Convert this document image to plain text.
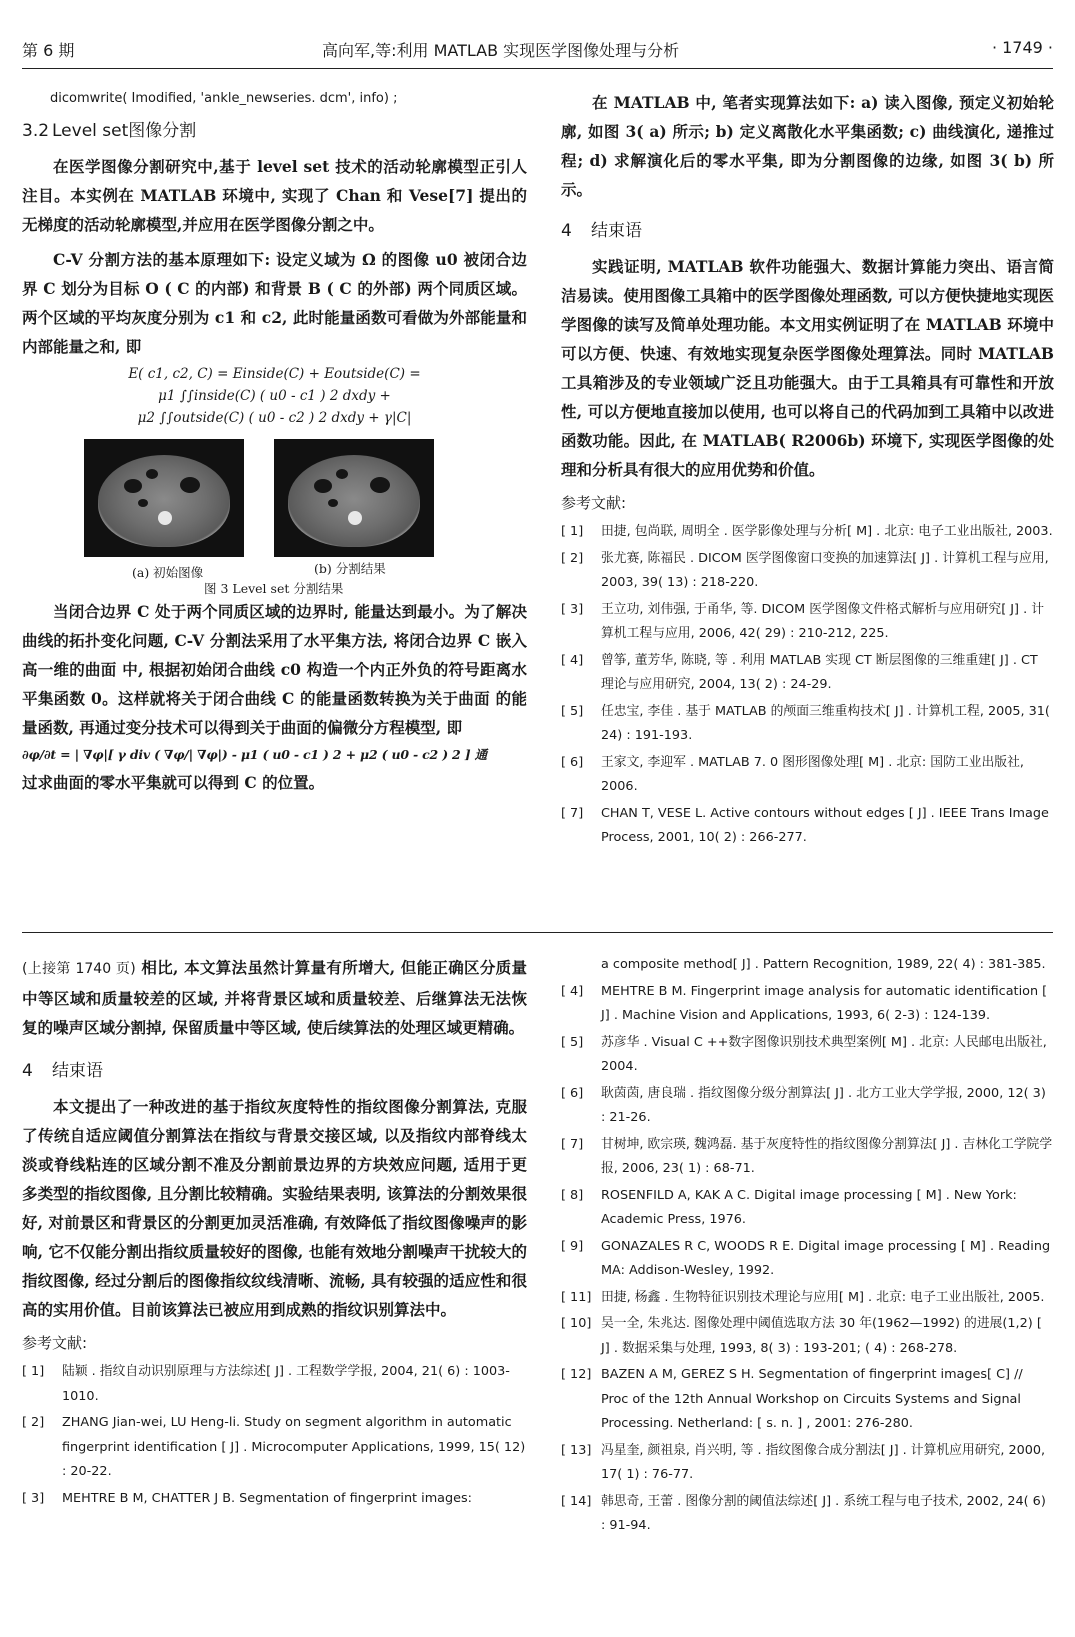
第 6 期	高向军,等:利用 MATLAB 实现医学图像处理与分析	· 1749 ·

dicomwrite( Imodified, 'ankle_newseries. dcm', info) ;

3.2 Level set图像分割

在医学图像分割研究中,基于 level set 技术的活动轮廓模型正引人注目。本实例在 MATLAB 环境中, 实现了 Chan 和 Vese[7] 提出的无梯度的活动轮廓模型,并应用在医学图像分割之中。

C-V 分割方法的基本原理如下: 设定义域为 Ω 的图像 u0 被闭合边界 C 划分为目标 O ( C 的内部) 和背景 B ( C 的外部) 两个同质区域。两个区域的平均灰度分别为 c1 和 c2, 此时能量函数可看做为外部能量和内部能量之和, 即

E( c1, c2, C) = Einside(C) + Eoutside(C) =
μ1 ∫∫inside(C) ( u0 - c1 ) 2 dxdy +
μ2 ∫∫outside(C) ( u0 - c2 ) 2 dxdy + γ|C|
(a) 初始图像	(b) 分割结果
图 3 Level set 分割结果

当闭合边界 C 处于两个同质区域的边界时, 能量达到最小。为了解决曲线的拓扑变化问题, C-V 分割法采用了水平集方法, 将闭合边界 C 嵌入高一维的曲面 中, 根据初始闭合曲线 c0 构造一个内正外负的符号距离水平集函数 0。这样就将关于闭合曲线 C 的能量函数转换为关于曲面 的能量函数, 再通过变分技术可以得到关于曲面的偏微分方程模型, 即

∂φ/∂t = | ∇φ|[ γ div ( ∇φ/| ∇φ|) - μ1 ( u0 - c1 ) 2 + μ2 ( u0 - c2 ) 2 ] 通

过求曲面的零水平集就可以得到 C 的位置。

在 MATLAB 中, 笔者实现算法如下: a) 读入图像, 预定义初始轮廓, 如图 3( a) 所示; b) 定义离散化水平集函数; c) 曲线演化, 递推过程; d) 求解演化后的零水平集, 即为分割图像的边缘, 如图 3( b) 所示。

4 结束语

实践证明, MATLAB 软件功能强大、数据计算能力突出、语言简洁易读。使用图像工具箱中的医学图像处理函数, 可以方便快捷地实现医学图像的读写及简单处理功能。本文用实例证明了在 MATLAB 环境中可以方便、快速、有效地实现复杂医学图像处理算法。同时 MATLAB 工具箱涉及的专业领域广泛且功能强大。由于工具箱具有可靠性和开放性, 可以方便地直接加以使用, 也可以将自己的代码加到工具箱中以改进函数功能。因此, 在 MATLAB( R2006b) 环境下, 实现医学图像的处理和分析具有很大的应用优势和价值。

参考文献:
[ 1] 田捷, 包尚联, 周明全 . 医学影像处理与分析[ M] . 北京: 电子工业出版社, 2003.
[ 2] 张尤赛, 陈福民 . DICOM 医学图像窗口变换的加速算法[ J] . 计算机工程与应用, 2003, 39( 13) : 218-220.
[ 3] 王立功, 刘伟强, 于甬华, 等. DICOM 医学图像文件格式解析与应用研究[ J] . 计算机工程与应用, 2006, 42( 29) : 210-212, 225.
[ 4] 曾筝, 董芳华, 陈晓, 等 . 利用 MATLAB 实现 CT 断层图像的三维重建[ J] . CT 理论与应用研究, 2004, 13( 2) : 24-29.
[ 5] 任忠宝, 李佳 . 基于 MATLAB 的颅面三维重构技术[ J] . 计算机工程, 2005, 31( 24) : 191-193.
[ 6] 王家文, 李迎军 . MATLAB 7. 0 图形图像处理[ M] . 北京: 国防工业出版社, 2006.
[ 7] CHAN T, VESE L. Active contours without edges [ J] . IEEE Trans Image Process, 2001, 10( 2) : 266-277.

(上接第 1740 页) 相比, 本文算法虽然计算量有所增大, 但能正确区分质量中等区域和质量较差的区域, 并将背景区域和质量较差、后继算法无法恢复的噪声区域分割掉, 保留质量中等区域, 使后续算法的处理区域更精确。

4 结束语

本文提出了一种改进的基于指纹灰度特性的指纹图像分割算法, 克服了传统自适应阈值分割算法在指纹与背景交接区域, 以及指纹内部脊线太淡或脊线粘连的区域分割不准及分割前景边界的方块效应问题, 适用于更多类型的指纹图像, 且分割比较精确。实验结果表明, 该算法的分割效果很好, 对前景区和背景区的分割更加灵活准确, 有效降低了指纹图像噪声的影响, 它不仅能分割出指纹质量较好的图像, 也能有效地分割噪声干扰较大的指纹图像, 经过分割后的图像指纹纹线清晰、流畅, 具有较强的适应性和很高的实用价值。目前该算法已被应用到成熟的指纹识别算法中。

参考文献:
[ 1] 陆颖 . 指纹自动识别原理与方法综述[ J] . 工程数学学报, 2004, 21( 6) : 1003-1010.
[ 2] ZHANG Jian-wei, LU Heng-li. Study on segment algorithm in automatic fingerprint identification [ J] . Microcomputer Applications, 1999, 15( 12) : 20-22.
[ 3] MEHTRE B M, CHATTER J B. Segmentation of fingerprint images:
a composite method[ J] . Pattern Recognition, 1989, 22( 4) : 381-385.
[ 4] MEHTRE B M. Fingerprint image analysis for automatic identification [ J] . Machine Vision and Applications, 1993, 6( 2-3) : 124-139.
[ 5] 苏彦华 . Visual C ++数字图像识别技术典型案例[ M] . 北京: 人民邮电出版社, 2004.
[ 6] 耿茵茵, 唐良瑞 . 指纹图像分级分割算法[ J] . 北方工业大学学报, 2000, 12( 3) : 21-26.
[ 7] 甘树坤, 欧宗瑛, 魏鸿磊. 基于灰度特性的指纹图像分割算法[ J] . 吉林化工学院学报, 2006, 23( 1) : 68-71.
[ 8] ROSENFILD A, KAK A C. Digital image processing [ M] . New York: Academic Press, 1976.
[ 9] GONAZALES R C, WOODS R E. Digital image processing [ M] . Reading MA: Addison-Wesley, 1992.
[ 11] 田捷, 杨鑫 . 生物特征识别技术理论与应用[ M] . 北京: 电子工业出版社, 2005.
[ 10] 吴一全, 朱兆达. 图像处理中阈值选取方法 30 年(1962—1992) 的进展(1,2) [ J] . 数据采集与处理, 1993, 8( 3) : 193-201; ( 4) : 268-278.
[ 12] BAZEN A M, GEREZ S H. Segmentation of fingerprint images[ C] // Proc of the 12th Annual Workshop on Circuits Systems and Signal Processing. Netherland: [ s. n. ] , 2001: 276-280.
[ 13] 冯星奎, 颜祖泉, 肖兴明, 等 . 指纹图像合成分割法[ J] . 计算机应用研究, 2000, 17( 1) : 76-77.
[ 14] 韩思奇, 王蕾 . 图像分割的阈值法综述[ J] . 系统工程与电子技术, 2002, 24( 6) : 91-94.
